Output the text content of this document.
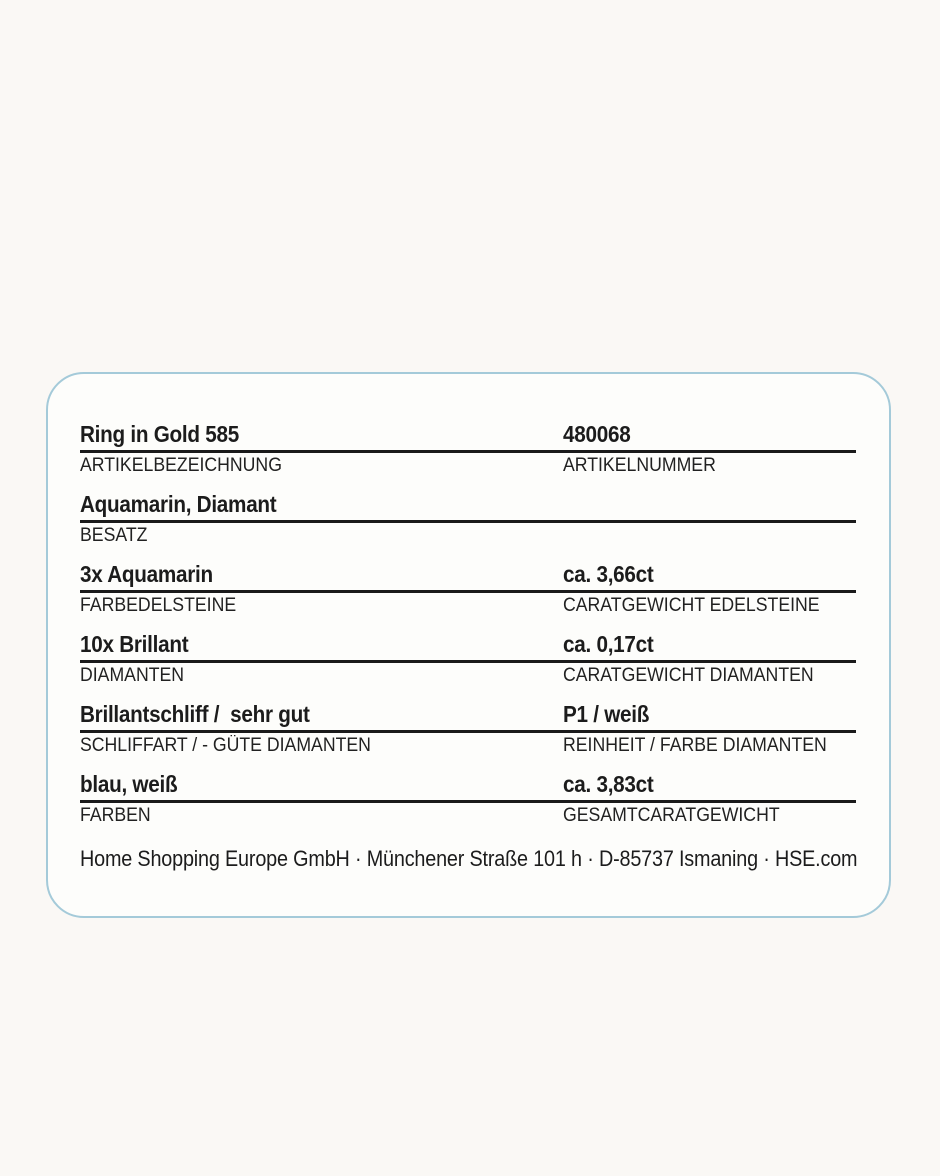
Ring in Gold 585	480068
ARTIKELBEZEICHNUNG	ARTIKELNUMMER
Aquamarin, Diamant
BESATZ
3x Aquamarin	ca. 3,66ct
FARBEDELSTEINE	CARATGEWICHT EDELSTEINE
10x Brillant	ca. 0,17ct
DIAMANTEN	CARATGEWICHT DIAMANTEN
Brillantschliff /  sehr gut	P1 / weiß
SCHLIFFART / - GÜTE DIAMANTEN	REINHEIT / FARBE DIAMANTEN
blau, weiß	ca. 3,83ct
FARBEN	GESAMTCARATGEWICHT
Home Shopping Europe GmbH · Münchener Straße 101 h · D-85737 Ismaning · HSE.com
